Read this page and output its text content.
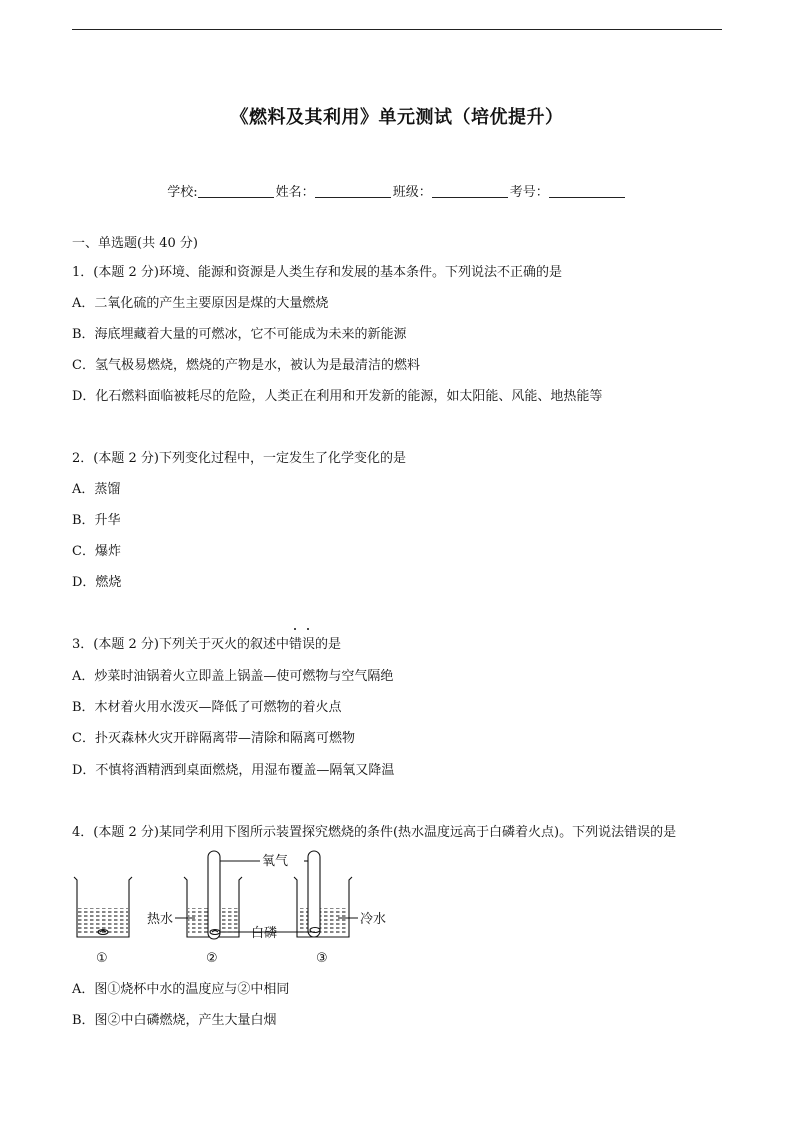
《燃料及其利用》单元测试（培优提升）
学校:	姓名：	班级：	考号：
一、单选题(共 40 分)
1．(本题 2 分)环境、能源和资源是人类生存和发展的基本条件。下列说法不正确的是
A．二氧化硫的产生主要原因是煤的大量燃烧
B．海底埋藏着大量的可燃冰，它不可能成为未来的新能源
C．氢气极易燃烧，燃烧的产物是水，被认为是最清洁的燃料
D．化石燃料面临被耗尽的危险，人类正在利用和开发新的能源，如太阳能、风能、地热能等
2．(本题 2 分)下列变化过程中，一定发生了化学变化的是
A．蒸馏
B．升华
C．爆炸
D．燃烧
3．(本题 2 分)下列关于灭火的叙述中错误的是
A．炒菜时油锅着火立即盖上锅盖—使可燃物与空气隔绝
B．木材着火用水泼灭—降低了可燃物的着火点
C．扑灭森林火灾开辟隔离带—清除和隔离可燃物
D．不慎将酒精洒到桌面燃烧，用湿布覆盖—隔氧又降温
4．(本题 2 分)某同学利用下图所示装置探究燃烧的条件(热水温度远高于白磷着火点)。下列说法错误的是
氧气
热水
白磷
冷水
①	②	③
A．图①烧杯中水的温度应与②中相同
B．图②中白磷燃烧，产生大量白烟
